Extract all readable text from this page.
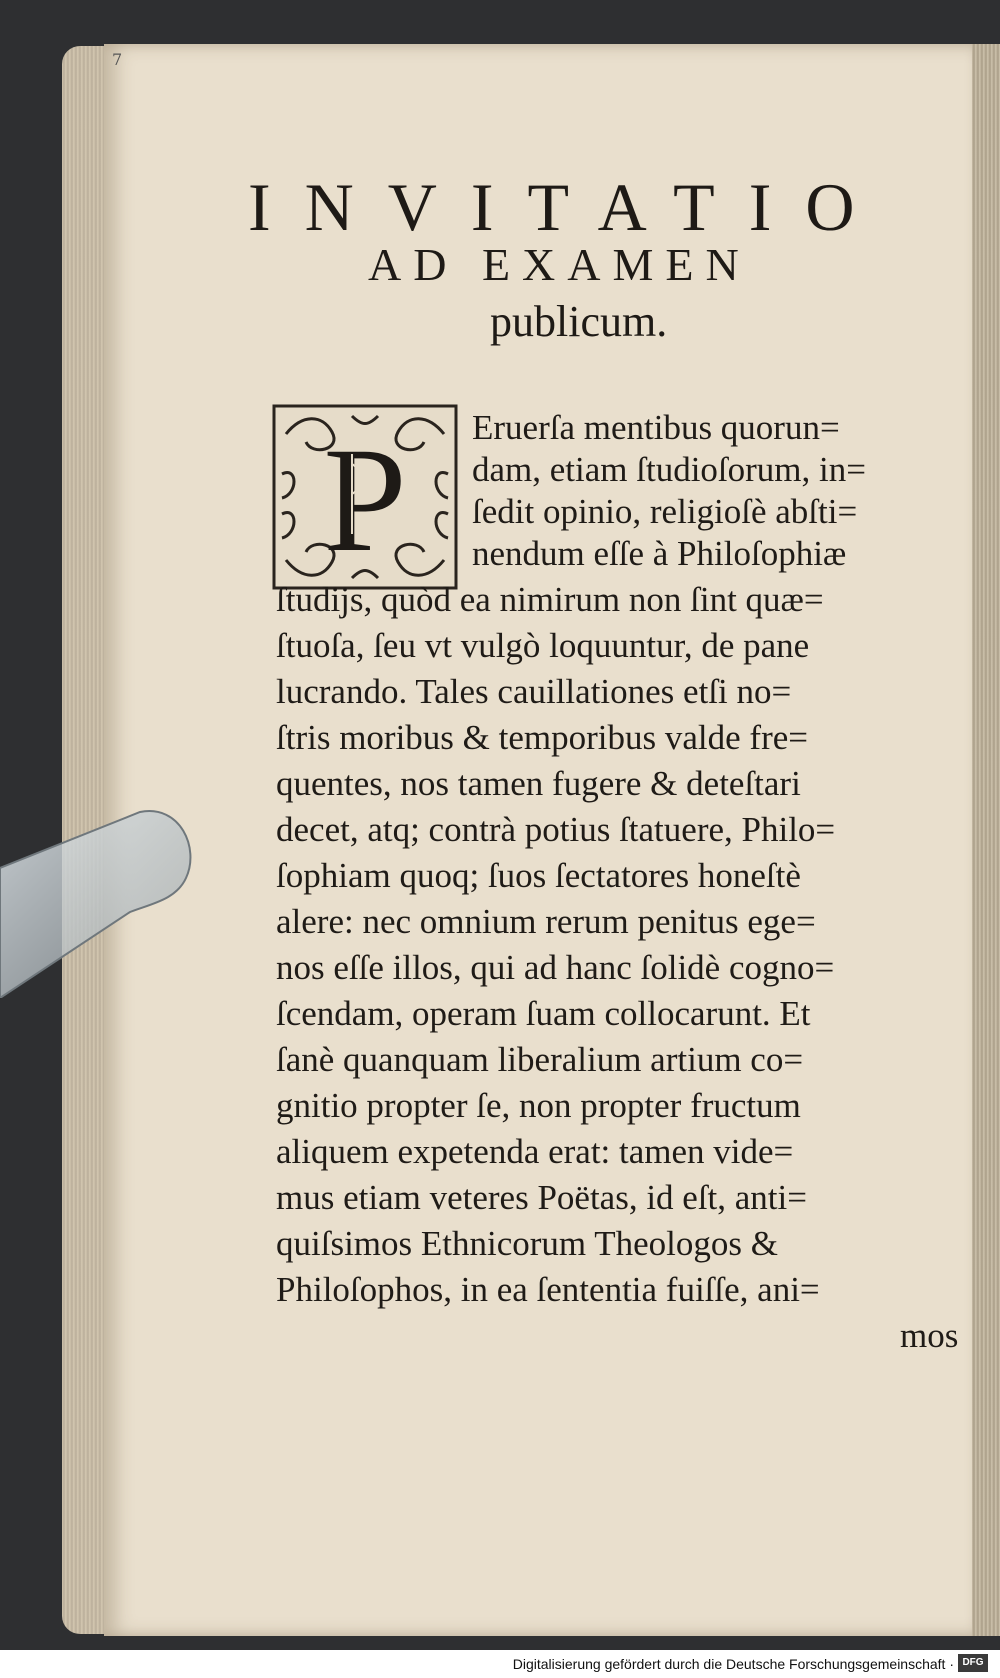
7
INVITATIO
AD EXAMEN
publicum.
P Eruerſa mentibus quorun=
dam, etiam ſtudioſorum, in=
ſedit opinio, religioſè abſti=
nendum eſſe à Philoſophiæ
ſtudijs, quòd ea nimirum non ſint quæ=
ſtuoſa, ſeu vt vulgò loquuntur, de pane
lucrando. Tales cauillationes etſi no=
ſtris moribus & temporibus valde fre=
quentes, nos tamen fugere & deteſtari
decet, atq; contrà potius ſtatuere, Philo=
ſophiam quoq; ſuos ſectatores honeſtè
alere: nec omnium rerum penitus ege=
nos eſſe illos, qui ad hanc ſolidè cogno=
ſcendam, operam ſuam collocarunt. Et
ſanè quanquam liberalium artium co=
gnitio propter ſe, non propter fructum
aliquem expetenda erat: tamen vide=
mus etiam veteres Poëtas, id eſt, anti=
quiſsimos Ethnicorum Theologos &
Philoſophos, in ea ſententia fuiſſe, ani=
mos
Digitalisierung gefördert durch die Deutsche Forschungsgemeinschaft · DFG
